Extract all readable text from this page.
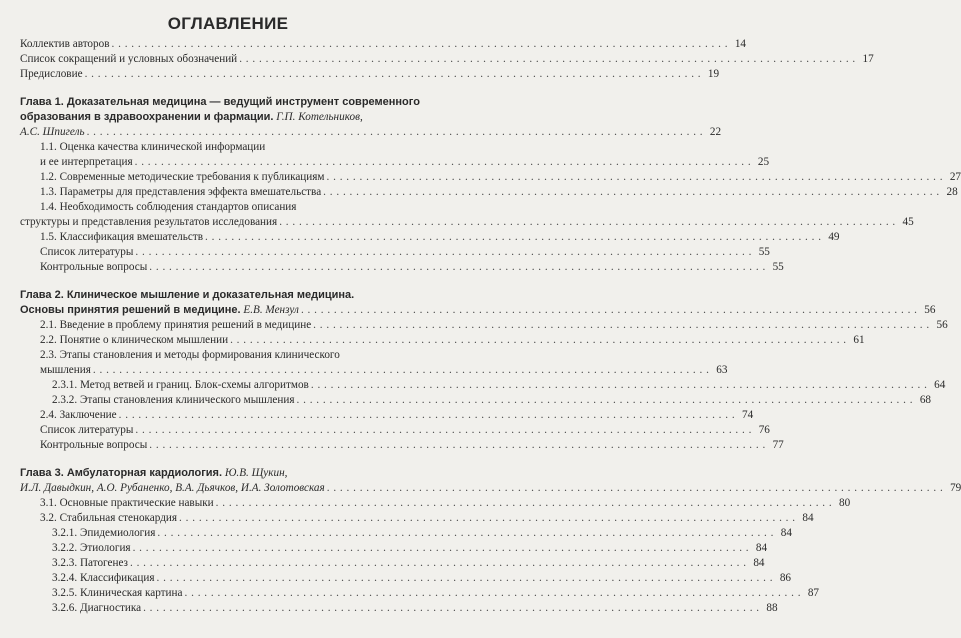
ОГЛАВЛЕНИЕ
Коллектив авторов . . .	14
Список сокращений и условных обозначений . . .	17
Предисловие . . .	19
Глава 1. Доказательная медицина — ведущий инструмент современного
образования в здравоохранении и фармации. Г.П. Котельников,
А.С. Шпигель . . .	22
1.1. Оценка качества клинической информации
и ее интерпретация . . .	25
1.2. Современные методические требования к публикациям . . .	27
1.3. Параметры для представления эффекта вмешательства . . .	28
1.4. Необходимость соблюдения стандартов описания
структуры и представления результатов исследования . . .	45
1.5. Классификация вмешательств . . .	49
Список литературы . . .	55
Контрольные вопросы . . .	55
Глава 2. Клиническое мышление и доказательная медицина.
Основы принятия решений в медицине. Е.В. Мензул . . .	56
2.1. Введение в проблему принятия решений в медицине . . .	56
2.2. Понятие о клиническом мышлении . . .	61
2.3. Этапы становления и методы формирования клинического
мышления . . .	63
2.3.1. Метод ветвей и границ. Блок-схемы алгоритмов . . .	64
2.3.2. Этапы становления клинического мышления . . .	68
2.4. Заключение . . .	74
Список литературы . . .	76
Контрольные вопросы . . .	77
Глава 3. Амбулаторная кардиология. Ю.В. Щукин,
И.Л. Давыдкин, А.О. Рубаненко, В.А. Дьячков, И.А. Золотовская . . .	79
3.1. Основные практические навыки . . .	80
3.2. Стабильная стенокардия . . .	84
3.2.1. Эпидемиология . . .	84
3.2.2. Этиология . . .	84
3.2.3. Патогенез . . .	84
3.2.4. Классификация . . .	86
3.2.5. Клиническая картина . . .	87
3.2.6. Диагностика . . .	88
